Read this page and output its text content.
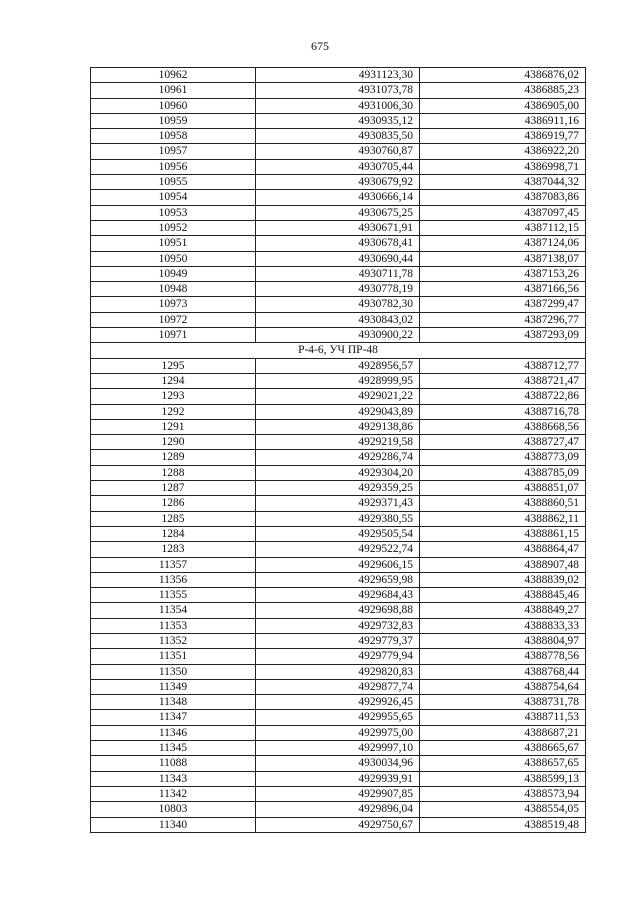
675
10962	4931123,30	4386876,02
10961	4931073,78	4386885,23
10960	4931006,30	4386905,00
10959	4930935,12	4386911,16
10958	4930835,50	4386919,77
10957	4930760,87	4386922,20
10956	4930705,44	4386998,71
10955	4930679,92	4387044,32
10954	4930666,14	4387083,86
10953	4930675,25	4387097,45
10952	4930671,91	4387112,15
10951	4930678,41	4387124,06
10950	4930690,44	4387138,07
10949	4930711,78	4387153,26
10948	4930778,19	4387166,56
10973	4930782,30	4387299,47
10972	4930843,02	4387296,77
10971	4930900,22	4387293,09
Р-4-6, УЧ ПР-48		
1295	4928956,57	4388712,77
1294	4928999,95	4388721,47
1293	4929021,22	4388722,86
1292	4929043,89	4388716,78
1291	4929138,86	4388668,56
1290	4929219,58	4388727,47
1289	4929286,74	4388773,09
1288	4929304,20	4388785,09
1287	4929359,25	4388851,07
1286	4929371,43	4388860,51
1285	4929380,55	4388862,11
1284	4929505,54	4388861,15
1283	4929522,74	4388864,47
11357	4929606,15	4388907,48
11356	4929659,98	4388839,02
11355	4929684,43	4388845,46
11354	4929698,88	4388849,27
11353	4929732,83	4388833,33
11352	4929779,37	4388804,97
11351	4929779,94	4388778,56
11350	4929820,83	4388768,44
11349	4929877,74	4388754,64
11348	4929926,45	4388731,78
11347	4929955,65	4388711,53
11346	4929975,00	4388687,21
11345	4929997,10	4388665,67
11088	4930034,96	4388657,65
11343	4929939,91	4388599,13
11342	4929907,85	4388573,94
10803	4929896,04	4388554,05
11340	4929750,67	4388519,48
